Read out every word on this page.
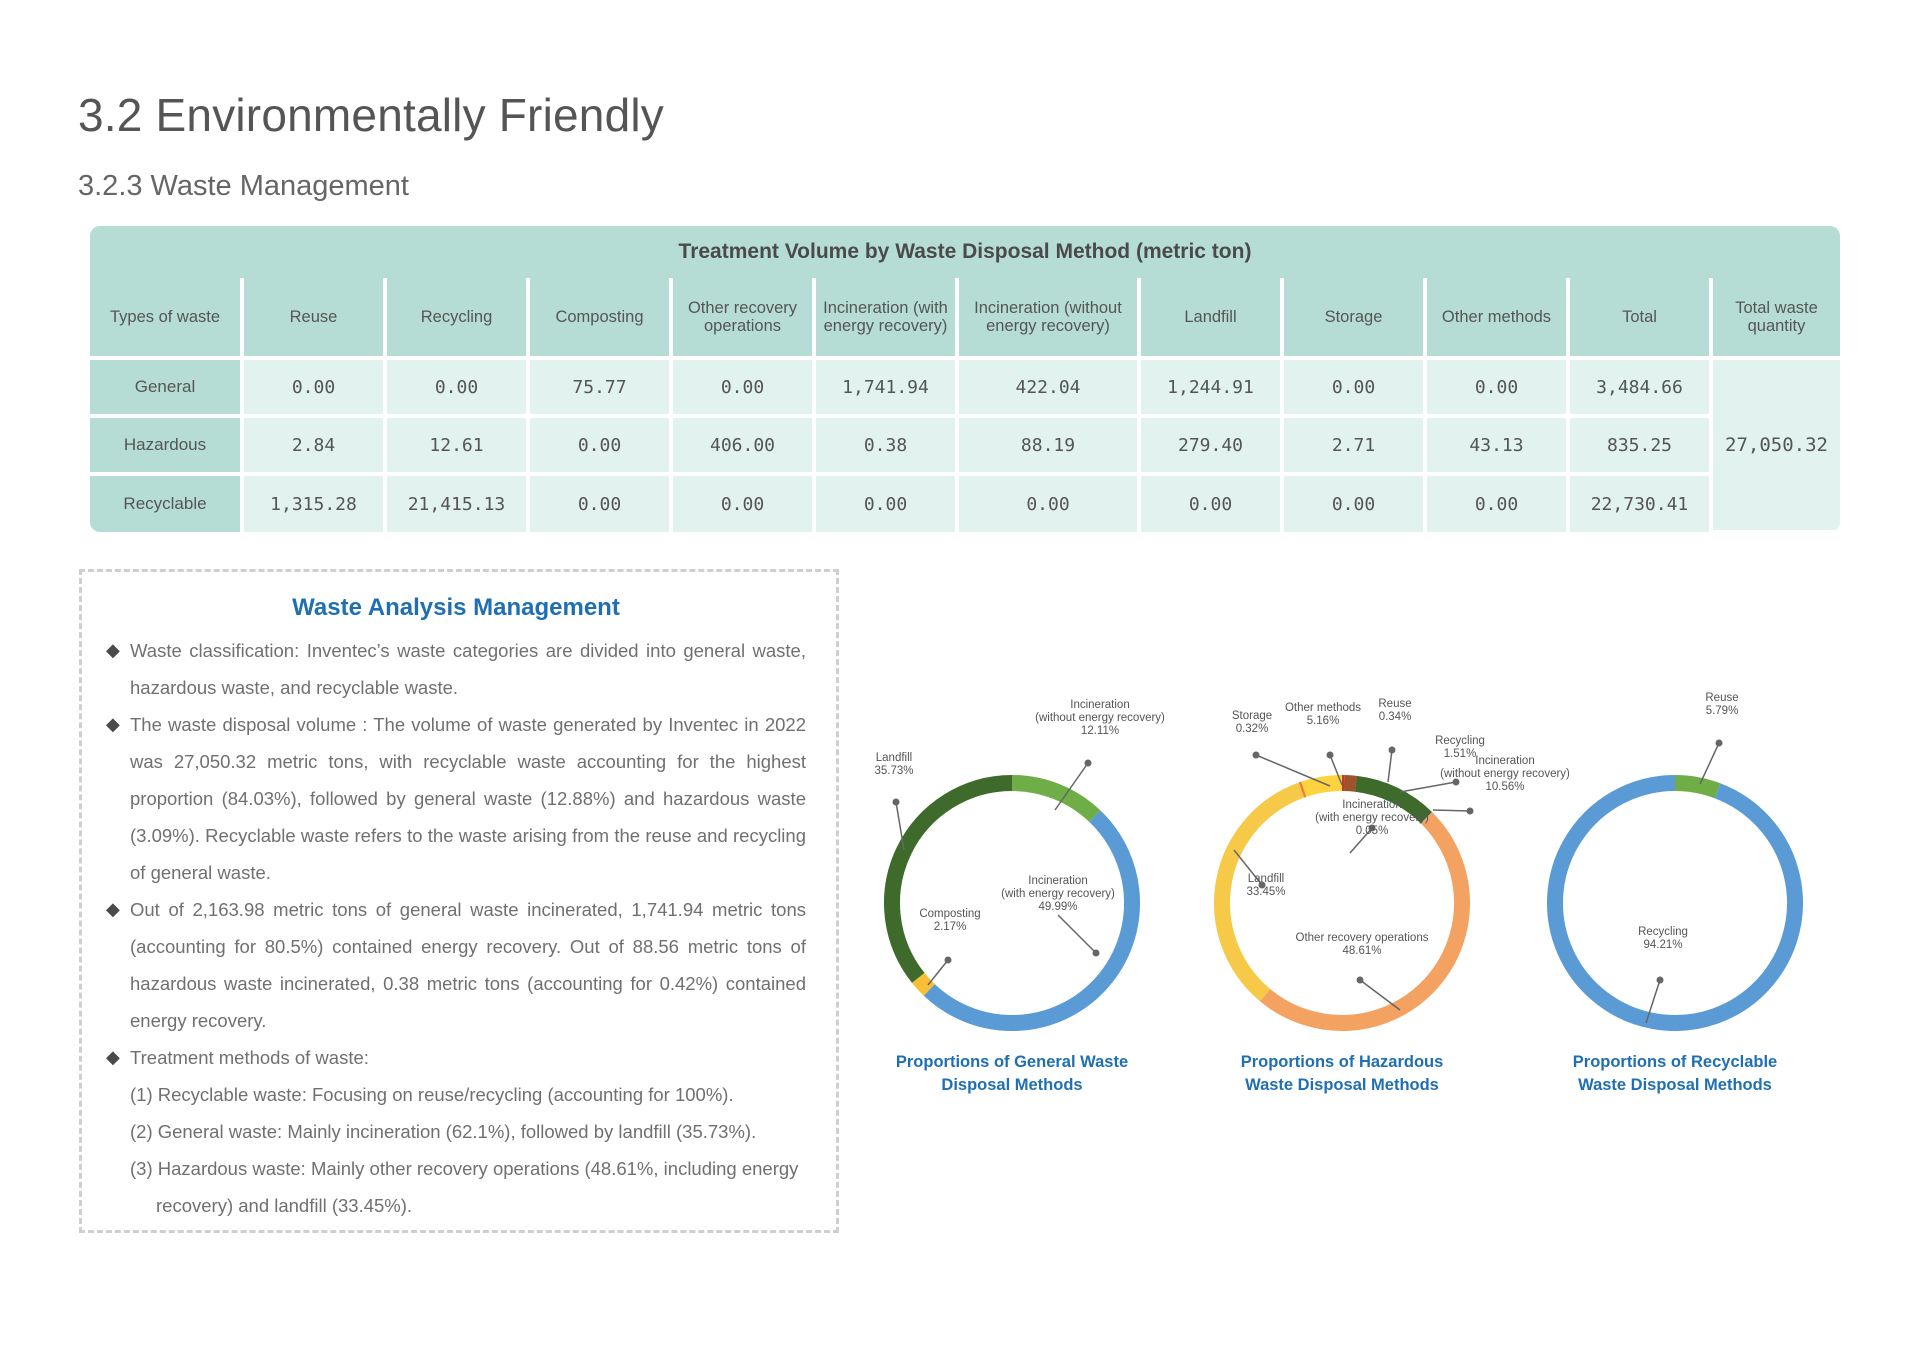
3.2 Environmentally Friendly
3.2.3 Waste Management
Treatment Volume by Waste Disposal Method (metric ton)
Types of waste	Reuse	Recycling	Composting	Other recovery operations	Incineration (with energy recovery)	Incineration (without energy recovery)	Landfill	Storage	Other methods	Total	Total waste quantity
General	0.00	0.00	75.77	0.00	1,741.94	422.04	1,244.91	0.00	0.00	3,484.66	27,050.32
Hazardous	2.84	12.61	0.00	406.00	0.38	88.19	279.40	2.71	43.13	835.25	
Recyclable	1,315.28	21,415.13	0.00	0.00	0.00	0.00	0.00	0.00	0.00	22,730.41	
Waste Analysis Management
◆ Waste classification: Inventec’s waste categories are divided into general waste, hazardous waste, and recyclable waste.
◆ The waste disposal volume : The volume of waste generated by Inventec in 2022 was 27,050.32 metric tons, with recyclable waste accounting for the highest proportion (84.03%), followed by general waste (12.88%) and hazardous waste (3.09%). Recyclable waste refers to the waste arising from the reuse and recycling of general waste.
◆ Out of 2,163.98 metric tons of general waste incinerated, 1,741.94 metric tons (accounting for 80.5%) contained energy recovery. Out of 88.56 metric tons of hazardous waste incinerated, 0.38 metric tons (accounting for 0.42%) contained energy recovery.
◆ Treatment methods of waste:
(1) Recyclable waste: Focusing on reuse/recycling (accounting for 100%).
(2) General waste: Mainly incineration (62.1%), followed by landfill (35.73%).
(3) Hazardous waste: Mainly other recovery operations (48.61%, including energy
recovery) and landfill (33.45%).
Incineration
(without energy recovery)
12.11%
Incineration
(with energy recovery)
49.99%
Composting
2.17%
Landfill
35.73%
Proportions of General Waste
Disposal Methods
Reuse
0.34%
Recycling
1.51%
Incineration
(without energy recovery)
10.56%
Incineration
(with energy recovery)
0.05%
Other recovery operations
48.61%
Landfill
33.45%
Storage
0.32%
Other methods
5.16%
Proportions of Hazardous
Waste Disposal Methods
Reuse
5.79%
Recycling
94.21%
Proportions of Recyclable
Waste Disposal Methods
